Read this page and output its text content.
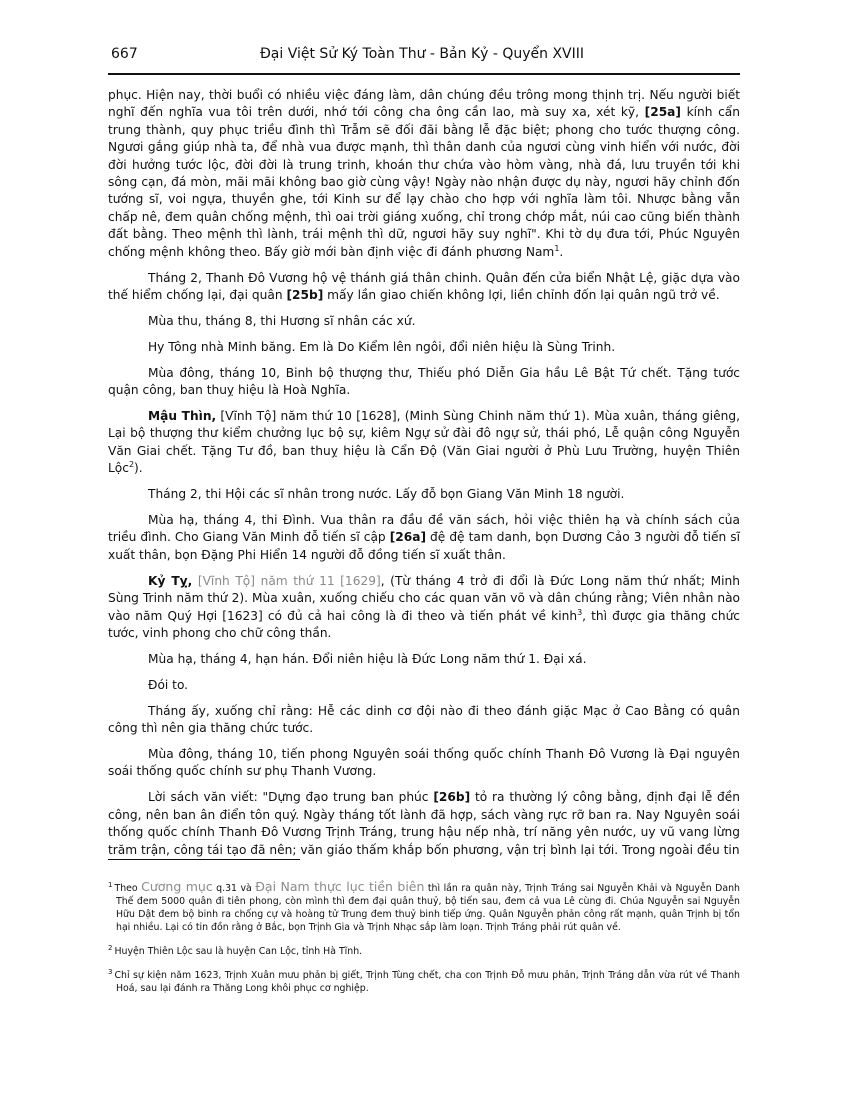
667	Đại Việt Sử Ký Toàn Thư - Bản Kỷ - Quyển XVIII

phục. Hiện nay, thời buổi có nhiều việc đáng làm, dân chúng đều trông mong thịnh trị. Nếu người biết nghĩ đến nghĩa vua tôi trên dưới, nhớ tới công cha ông cần lao, mà suy xa, xét kỹ, [25a] kính cẩn trung thành, quy phục triều đình thì Trẫm sẽ đối đãi bằng lễ đặc biệt; phong cho tước thượng công. Ngươi gắng giúp nhà ta, để nhà vua được mạnh, thì thân danh của ngươi cùng vinh hiển với nước, đời đời hưởng tước lộc, đời đời là trung trinh, khoán thư chứa vào hòm vàng, nhà đá, lưu truyền tới khi sông cạn, đá mòn, mãi mãi không bao giờ cùng vậy! Ngày nào nhận được dụ này, ngươi hãy chỉnh đốn tướng sĩ, voi ngựa, thuyền ghe, tới Kinh sư để lạy chào cho hợp với nghĩa làm tôi. Nhược bằng vẫn chấp nê, đem quân chống mệnh, thì oai trời giáng xuống, chỉ trong chớp mắt, núi cao cũng biến thành đất bằng. Theo mệnh thì lành, trái mệnh thì dữ, ngươi hãy suy nghĩ". Khi tờ dụ đưa tới, Phúc Nguyên chống mệnh không theo. Bấy giờ mới bàn định việc đi đánh phương Nam$^1$.

Tháng 2, Thanh Đô Vương hộ vệ thánh giá thân chinh. Quân đến cửa biển Nhật Lệ, giặc dựa vào thế hiểm chống lại, đại quân [25b] mấy lần giao chiến không lợi, liền chỉnh đốn lại quân ngũ trở về.

Mùa thu, tháng 8, thi Hương sĩ nhân các xứ.

Hy Tông nhà Minh băng. Em là Do Kiểm lên ngôi, đổi niên hiệu là Sùng Trinh.

Mùa đông, tháng 10, Binh bộ thượng thư, Thiếu phó Diễn Gia hầu Lê Bật Tứ chết. Tặng tước quận công, ban thuỵ hiệu là Hoà Nghĩa.

Mậu Thìn, [Vĩnh Tộ] năm thứ 10 [1628], (Minh Sùng Chinh năm thứ 1). Mùa xuân, tháng giêng, Lại bộ thượng thư kiểm chưởng lục bộ sự, kiêm Ngự sử đài đô ngự sử, thái phó, Lễ quận công Nguyễn Văn Giai chết. Tặng Tư đồ, ban thuỵ hiệu là Cẩn Độ (Văn Giai người ở Phù Lưu Trường, huyện Thiên Lộc$^2$).

Tháng 2, thi Hội các sĩ nhân trong nước. Lấy đỗ bọn Giang Văn Minh 18 người.

Mùa hạ, tháng 4, thi Đình. Vua thân ra đầu đề văn sách, hỏi việc thiên hạ và chính sách của triều đình. Cho Giang Văn Minh đỗ tiến sĩ cập [26a] đệ đệ tam danh, bọn Dương Cảo 3 người đỗ tiến sĩ xuất thân, bọn Đặng Phi Hiển 14 người đỗ đồng tiến sĩ xuất thân.

Kỷ Tỵ, [Vĩnh Tộ] năm thứ 11 [1629], (Từ tháng 4 trở đi đổi là Đức Long năm thứ nhất; Minh Sùng Trinh năm thứ 2). Mùa xuân, xuống chiếu cho các quan văn võ và dân chúng rằng; Viên nhân nào vào năm Quý Hợi [1623] có đủ cả hai công là đi theo và tiến phát về kinh$^3$, thì được gia thăng chức tước, vinh phong cho chữ công thần.

Mùa hạ, tháng 4, hạn hán. Đổi niên hiệu là Đức Long năm thứ 1. Đại xá.

Đói to.

Tháng ấy, xuống chỉ rằng: Hễ các dinh cơ đội nào đi theo đánh giặc Mạc ở Cao Bằng có quân công thì nên gia thăng chức tước.

Mùa đông, tháng 10, tiến phong Nguyên soái thống quốc chính Thanh Đô Vương là Đại nguyên soái thống quốc chính sư phụ Thanh Vương.

Lời sách văn viết: "Dựng đạo trung ban phúc [26b] tỏ ra thường lý công bằng, định đại lễ đền công, nên ban ân điển tôn quý. Ngày tháng tốt lành đã hợp, sách vàng rực rỡ ban ra. Nay Nguyên soái thống quốc chính Thanh Đô Vương Trịnh Tráng, trung hậu nếp nhà, trí năng yên nước, uy vũ vang lừng trăm trận, công tái tạo đã nên; văn giáo thấm khắp bốn phương, vận trị bình lại tới. Trong ngoài đều tin

$^1$ Theo Cương mục q.31 và Đại Nam thực lục tiền biên thì lần ra quân này, Trịnh Tráng sai Nguyễn Khải và Nguyễn Danh Thế đem 5000 quân đi tiên phong, còn mình thì đem đại quân thuỷ, bộ tiến sau, đem cả vua Lê cùng đi. Chúa Nguyễn sai Nguyễn Hữu Dật đem bộ binh ra chống cự và hoàng tử Trung đem thuỷ binh tiếp ứng. Quân Nguyễn phản công rất mạnh, quân Trịnh bị tổn hại nhiều. Lại có tin đồn rằng ở Bắc, bọn Trịnh Gia và Trịnh Nhạc sắp làm loạn. Trịnh Tráng phải rút quân về.

$^2$ Huyện Thiên Lộc sau là huyện Can Lộc, tỉnh Hà Tĩnh.

$^3$ Chỉ sự kiện năm 1623, Trịnh Xuân mưu phản bị giết, Trịnh Tùng chết, cha con Trịnh Đỗ mưu phản, Trịnh Tráng dẫn vừa rút về Thanh Hoá, sau lại đánh ra Thăng Long khôi phục cơ nghiệp.
